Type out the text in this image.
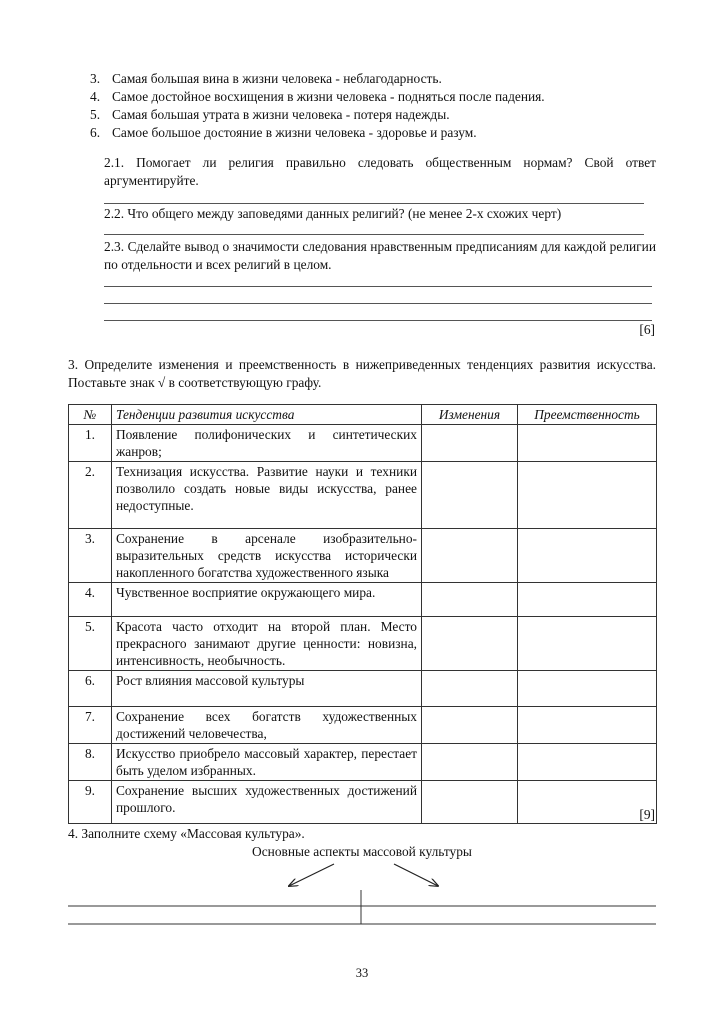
3. Самая большая вина в жизни человека - неблагодарность.
4. Самое достойное восхищения в жизни человека - подняться после падения.
5. Самая большая утрата в жизни человека - потеря надежды.
6. Самое большое достояние в жизни человека - здоровье и разум.
2.1. Помогает ли религия правильно следовать общественным нормам? Свой ответ аргументируйте.
2.2. Что общего между заповедями данных религий? (не менее 2-х схожих черт)
2.3. Сделайте вывод о значимости следования нравственным предписаниям для каждой религии по отдельности и всех религий в целом.
[6]
3. Определите изменения и преемственность в нижеприведенных тенденциях развития искусства. Поставьте знак √ в соответствующую графу.
№	Тенденции развития искусства	Изменения	Преемственность
1.	Появление полифонических и синтетических жанров;		
2.	Технизация искусства. Развитие науки и техники позволило создать новые виды искусства, ранее недоступные.		
3.	Сохранение в арсенале изобразительно-выразительных средств искусства исторически накопленного богатства художественного языка		
4.	Чувственное восприятие окружающего мира.		
5.	Красота часто отходит на второй план. Место прекрасного занимают другие ценности: новизна, интенсивность, необычность.		
6.	Рост влияния массовой культуры		
7.	Сохранение всех богатств художественных достижений человечества,		
8.	Искусство приобрело массовый характер, перестает быть уделом избранных.		
9.	Сохранение высших художественных достижений прошлого.			[9]
4. Заполните схему «Массовая культура».
Основные аспекты массовой культуры
33
